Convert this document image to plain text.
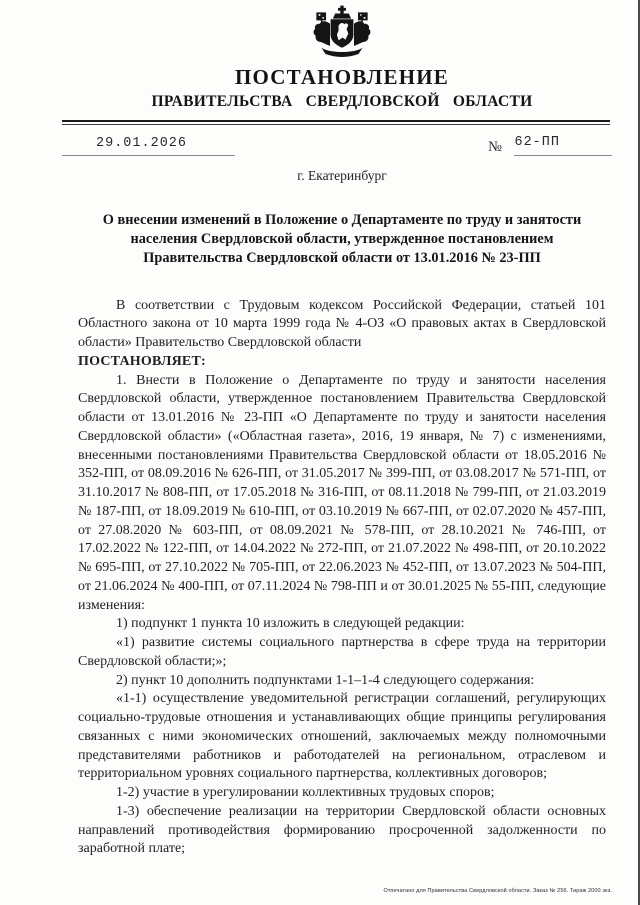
ПОСТАНОВЛЕНИЕ
ПРАВИТЕЛЬСТВА СВЕРДЛОВСКОЙ ОБЛАСТИ
29.01.2026	№ 62-ПП
г. Екатеринбург
О внесении изменений в Положение о Департаменте по труду и занятости населения Свердловской области, утвержденное постановлением Правительства Свердловской области от 13.01.2016 № 23-ПП

В соответствии с Трудовым кодексом Российской Федерации, статьей 101 Областного закона от 10 марта 1999 года № 4-ОЗ «О правовых актах в Свердловской области» Правительство Свердловской области

ПОСТАНОВЛЯЕТ:

1. Внести в Положение о Департаменте по труду и занятости населения Свердловской области, утвержденное постановлением Правительства Свердловской области от 13.01.2016 № 23-ПП «О Департаменте по труду и занятости населения Свердловской области» («Областная газета», 2016, 19 января, № 7) с изменениями, внесенными постановлениями Правительства Свердловской области от 18.05.2016 № 352-ПП, от 08.09.2016 № 626-ПП, от 31.05.2017 № 399-ПП, от 03.08.2017 № 571-ПП, от 31.10.2017 № 808-ПП, от 17.05.2018 № 316-ПП, от 08.11.2018 № 799-ПП, от 21.03.2019 № 187-ПП, от 18.09.2019 № 610-ПП, от 03.10.2019 № 667-ПП, от 02.07.2020 № 457-ПП, от 27.08.2020 № 603-ПП, от 08.09.2021 № 578-ПП, от 28.10.2021 № 746-ПП, от 17.02.2022 № 122-ПП, от 14.04.2022 № 272-ПП, от 21.07.2022 № 498-ПП, от 20.10.2022 № 695-ПП, от 27.10.2022 № 705-ПП, от 22.06.2023 № 452-ПП, от 13.07.2023 № 504-ПП, от 21.06.2024 № 400-ПП, от 07.11.2024 № 798-ПП и от 30.01.2025 № 55-ПП, следующие изменения:

1) подпункт 1 пункта 10 изложить в следующей редакции:

«1) развитие системы социального партнерства в сфере труда на территории Свердловской области;»;

2) пункт 10 дополнить подпунктами 1-1–1-4 следующего содержания:

«1-1) осуществление уведомительной регистрации соглашений, регулирующих социально-трудовые отношения и устанавливающих общие принципы регулирования связанных с ними экономических отношений, заключаемых между полномочными представителями работников и работодателей на региональном, отраслевом и территориальном уровнях социального партнерства, коллективных договоров;

1-2) участие в урегулировании коллективных трудовых споров;

1-3) обеспечение реализации на территории Свердловской области основных направлений противодействия формированию просроченной задолженности по заработной плате;

Отпечатано для Правительства Свердловской области. Заказ № 256. Тираж 2000 экз.
